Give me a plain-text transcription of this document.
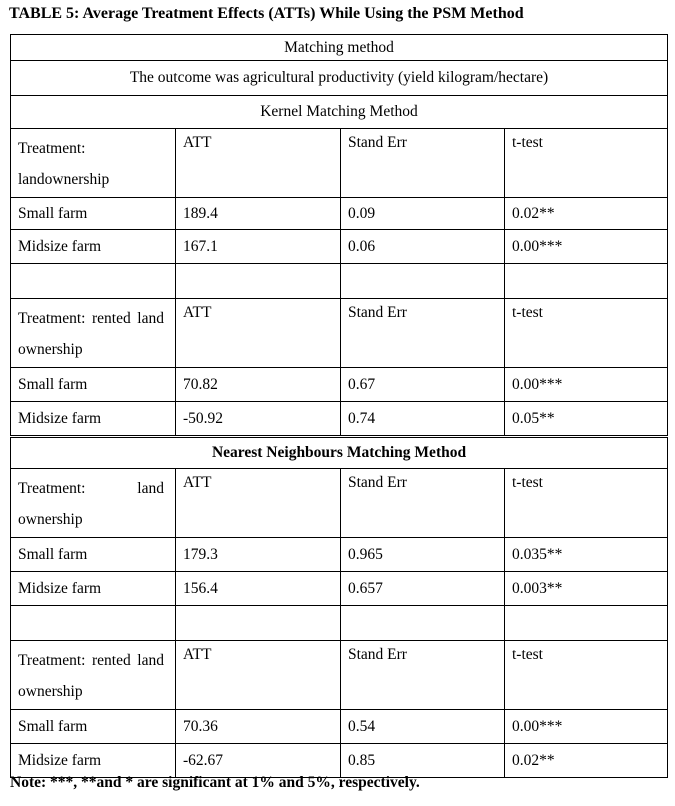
TABLE 5: Average Treatment Effects (ATTs) While Using the PSM Method
Matching method			
The outcome was agricultural productivity (yield kilogram/hectare)			
Kernel Matching Method			

Treatment: landownership	ATT	Stand Err	t-test
Small farm	189.4	0.09	0.02**
Midsize farm	167.1	0.06	0.00***

Treatment: rented land ownership	ATT	Stand Err	t-test
Small farm	70.82	0.67	0.00***
Midsize farm	-50.92	0.74	0.05**
Nearest Neighbours Matching Method			

Treatment: land ownership	ATT	Stand Err	t-test
Small farm	179.3	0.965	0.035**
Midsize farm	156.4	0.657	0.003**

Treatment: rented land ownership	ATT	Stand Err	t-test
Small farm	70.36	0.54	0.00***
Midsize farm	-62.67	0.85	0.02**
Note: ***, **and * are significant at 1% and 5%, respectively.
